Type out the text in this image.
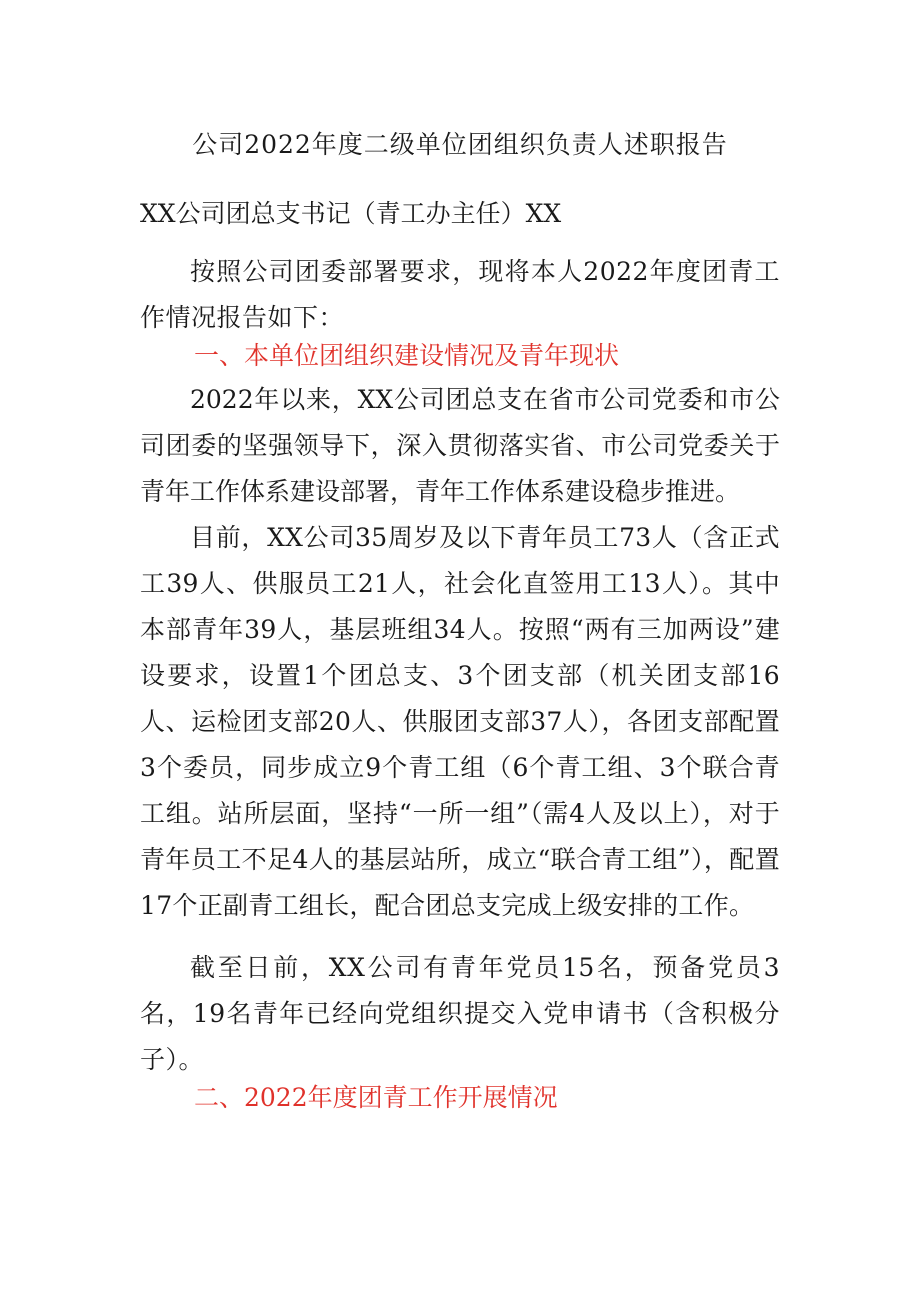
公司2022年度二级单位团组织负责人述职报告
XX公司团总支书记（青工办主任）XX

按照公司团委部署要求，现将本人2022年度团青工作情况报告如下：

一、本单位团组织建设情况及青年现状

2022年以来，XX公司团总支在省市公司党委和市公司团委的坚强领导下，深入贯彻落实省、市公司党委关于青年工作体系建设部署，青年工作体系建设稳步推进。

目前，XX公司35周岁及以下青年员工73人（含正式工39人、供服员工21人，社会化直签用工13人）。其中本部青年39人，基层班组34人。按照“两有三加两设”建设要求，设置1个团总支、3个团支部（机关团支部16人、运检团支部20人、供服团支部37人），各团支部配置3个委员，同步成立9个青工组（6个青工组、3个联合青工组。站所层面，坚持“一所一组”（需4人及以上），对于青年员工不足4人的基层站所，成立“联合青工组”），配置17个正副青工组长，配合团总支完成上级安排的工作。

截至日前，XX公司有青年党员15名，预备党员3名，19名青年已经向党组织提交入党申请书（含积极分子）。

二、2022年度团青工作开展情况
